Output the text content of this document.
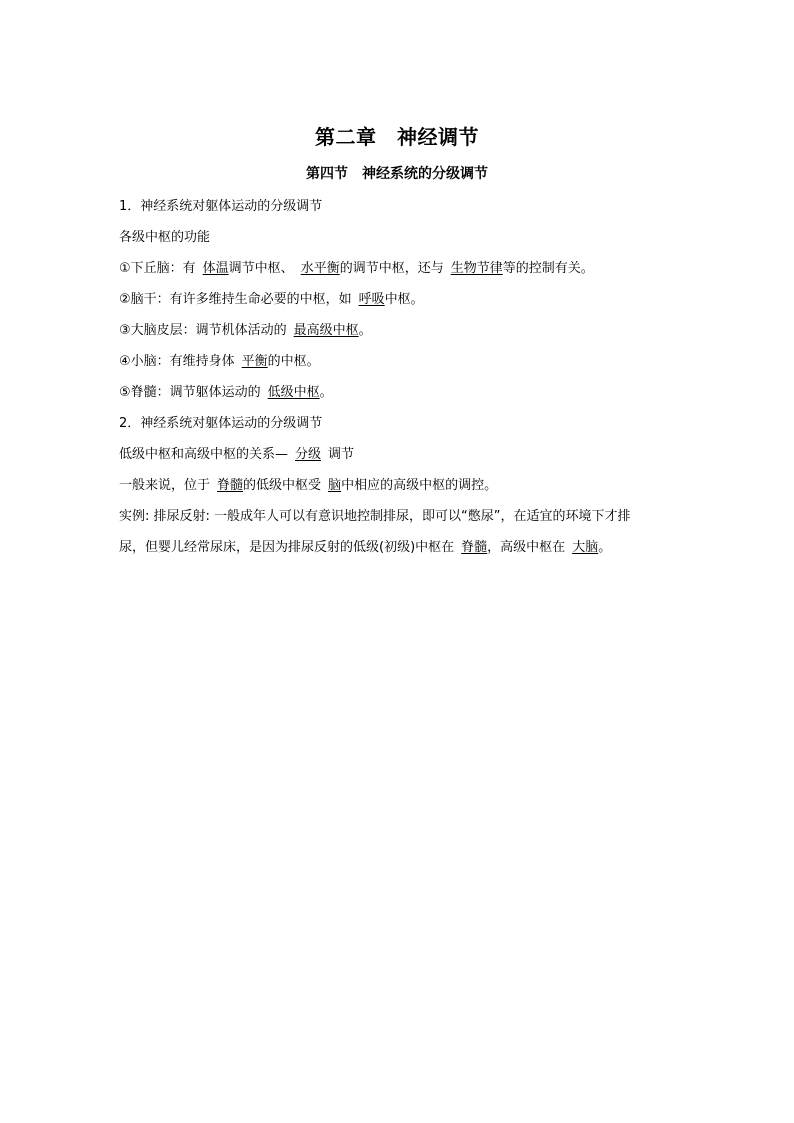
第二章　神经调节
第四节　神经系统的分级调节

1．神经系统对躯体运动的分级调节

各级中枢的功能

①下丘脑：有 体温调节中枢、 水平衡的调节中枢，还与 生物节律等的控制有关。

②脑干：有许多维持生命必要的中枢，如 呼吸中枢。

③大脑皮层：调节机体活动的 最高级中枢。

④小脑：有维持身体 平衡的中枢。

⑤脊髓：调节躯体运动的 低级中枢。

2．神经系统对躯体运动的分级调节

低级中枢和高级中枢的关系— 分级 调节

一般来说，位于 脊髓的低级中枢受 脑中相应的高级中枢的调控。

实例: 排尿反射: 一般成年人可以有意识地控制排尿，即可以“憋尿”，在适宜的环境下才排

尿，但婴儿经常尿床，是因为排尿反射的低级(初级)中枢在 脊髓，高级中枢在 大脑。
